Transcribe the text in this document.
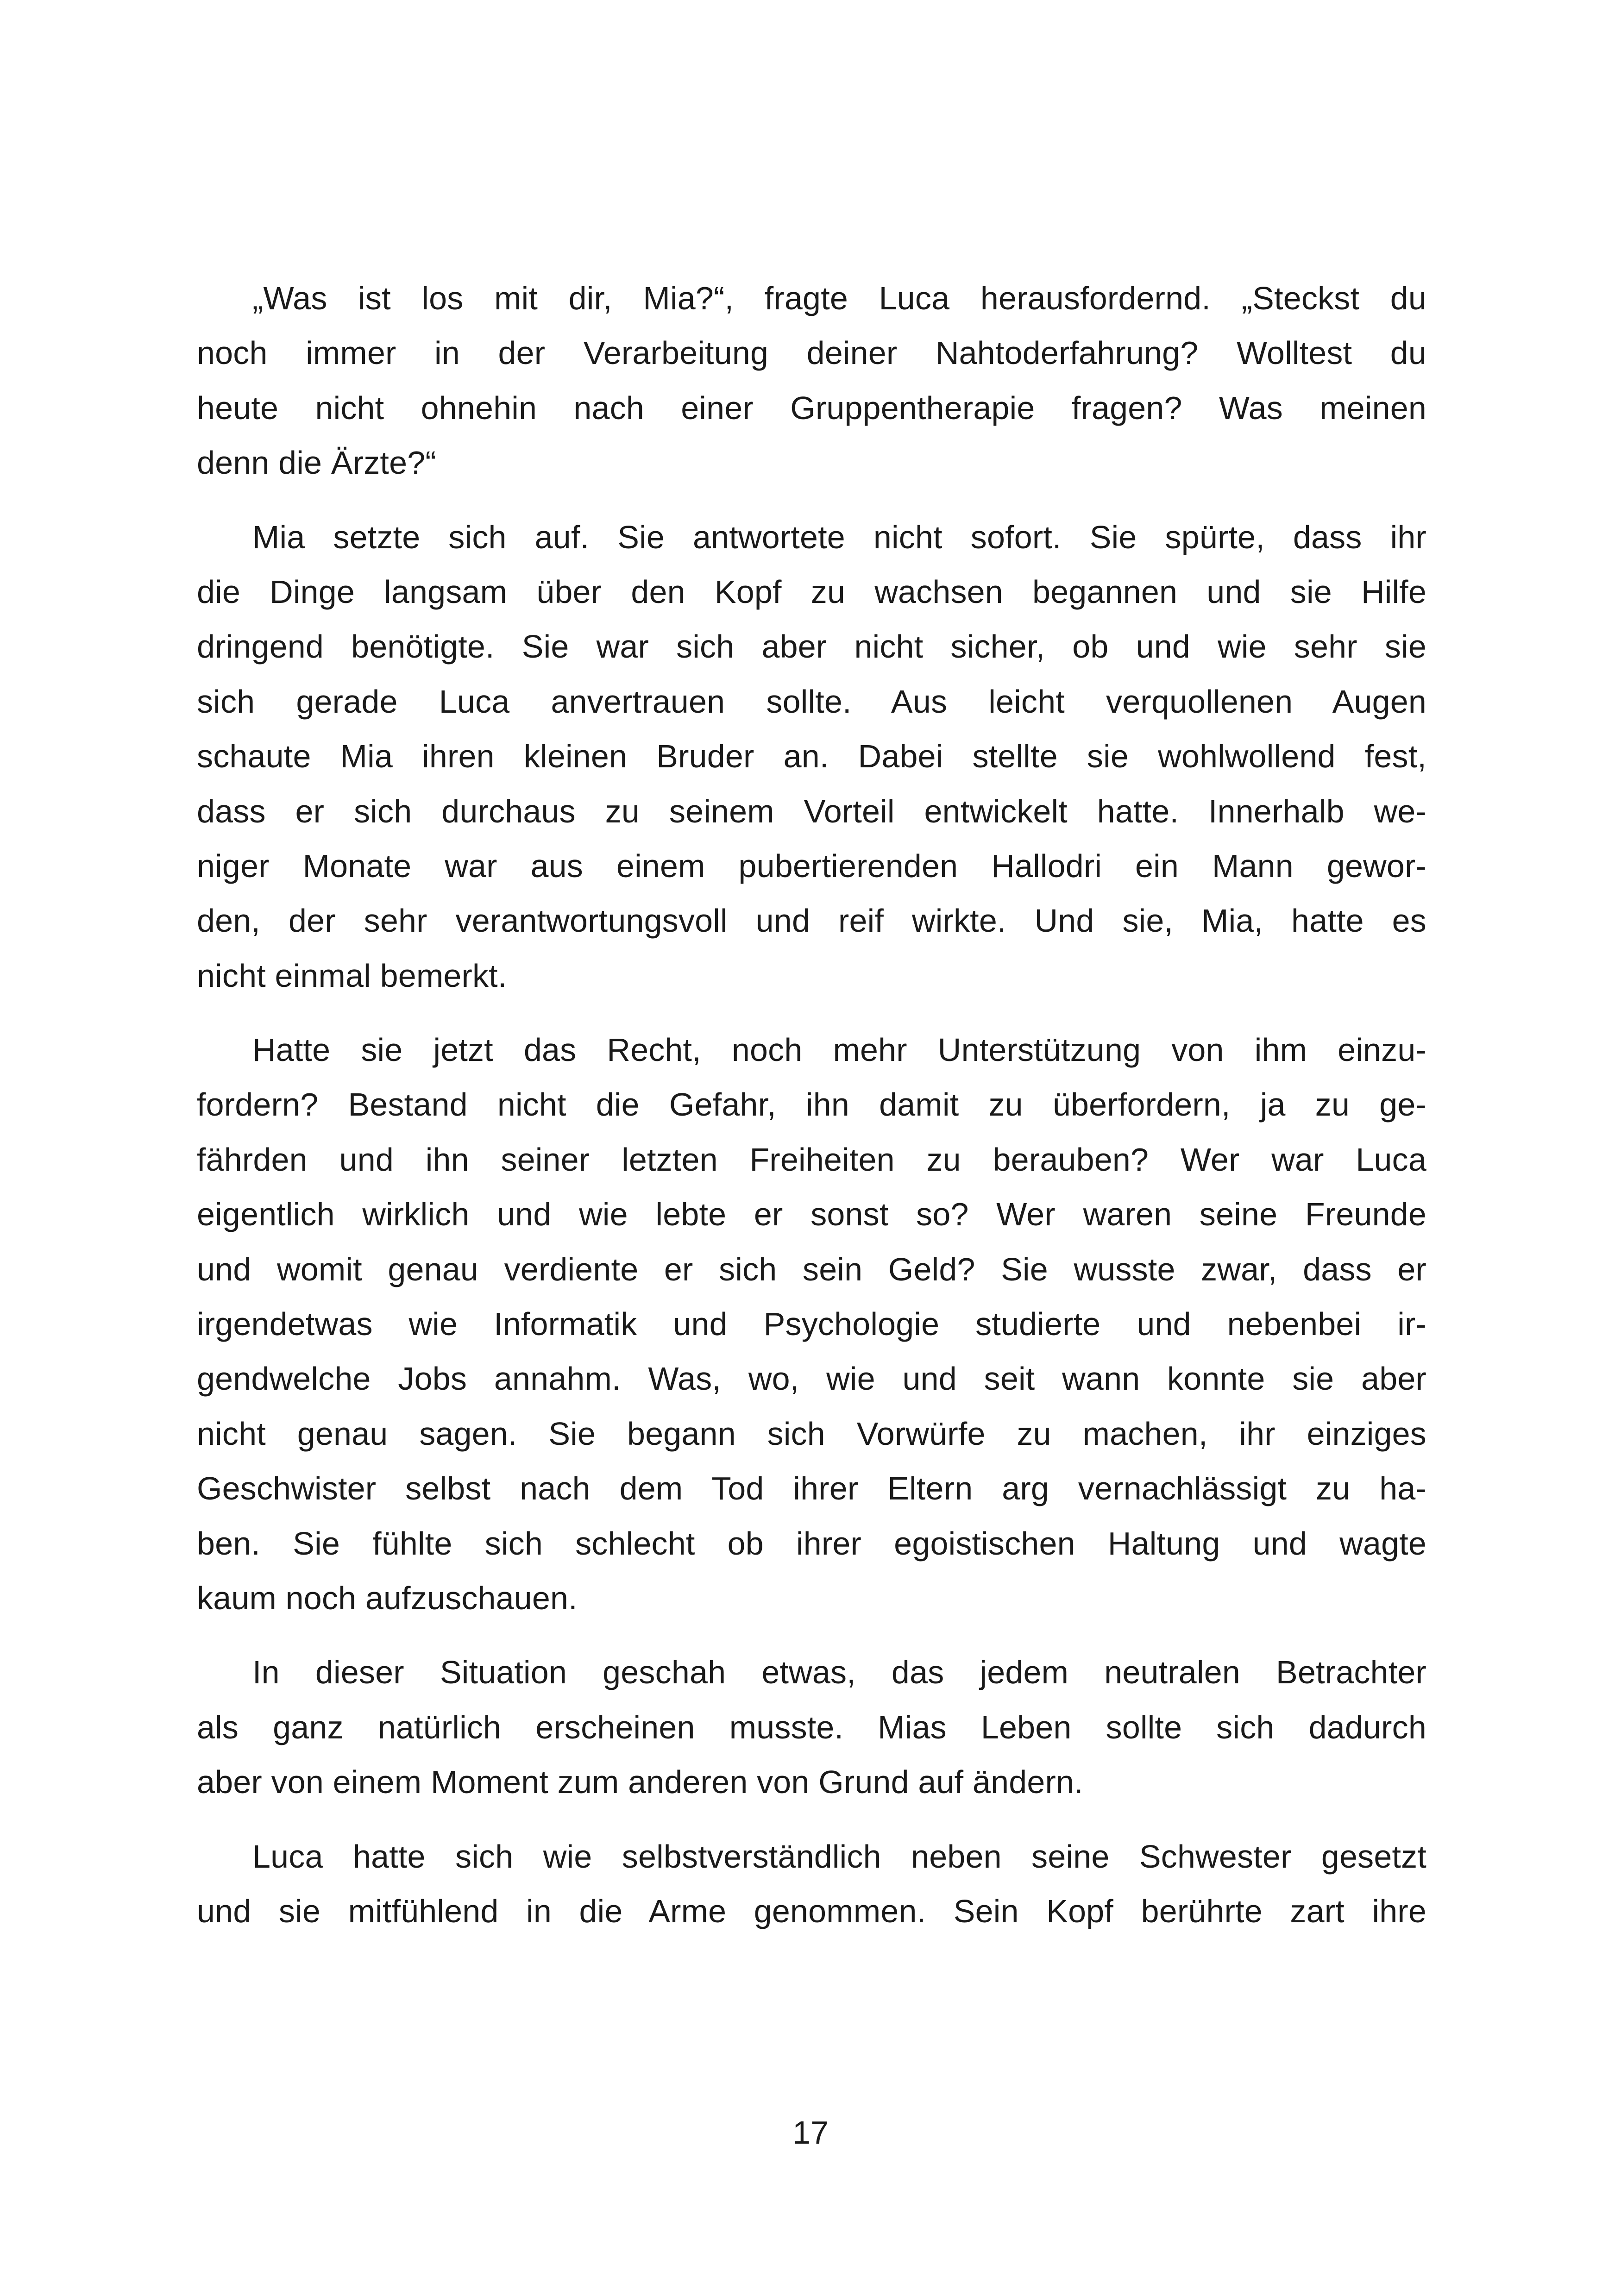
„Was ist los mit dir, Mia?“, fragte Luca herausfordernd. „Steckst du
noch immer in der Verarbeitung deiner Nahtoderfahrung? Wolltest du
heute nicht ohnehin nach einer Gruppentherapie fragen? Was meinen
denn die Ärzte?“

Mia setzte sich auf. Sie antwortete nicht sofort. Sie spürte, dass ihr
die Dinge langsam über den Kopf zu wachsen begannen und sie Hilfe
dringend benötigte. Sie war sich aber nicht sicher, ob und wie sehr sie
sich gerade Luca anvertrauen sollte. Aus leicht verquollenen Augen
schaute Mia ihren kleinen Bruder an. Dabei stellte sie wohlwollend fest,
dass er sich durchaus zu seinem Vorteil entwickelt hatte. Innerhalb we-
niger Monate war aus einem pubertierenden Hallodri ein Mann gewor-
den, der sehr verantwortungsvoll und reif wirkte. Und sie, Mia, hatte es
nicht einmal bemerkt.

Hatte sie jetzt das Recht, noch mehr Unterstützung von ihm einzu-
fordern? Bestand nicht die Gefahr, ihn damit zu überfordern, ja zu ge-
fährden und ihn seiner letzten Freiheiten zu berauben? Wer war Luca
eigentlich wirklich und wie lebte er sonst so? Wer waren seine Freunde
und womit genau verdiente er sich sein Geld? Sie wusste zwar, dass er
irgendetwas wie Informatik und Psychologie studierte und nebenbei ir-
gendwelche Jobs annahm. Was, wo, wie und seit wann konnte sie aber
nicht genau sagen. Sie begann sich Vorwürfe zu machen, ihr einziges
Geschwister selbst nach dem Tod ihrer Eltern arg vernachlässigt zu ha-
ben. Sie fühlte sich schlecht ob ihrer egoistischen Haltung und wagte
kaum noch aufzuschauen.

In dieser Situation geschah etwas, das jedem neutralen Betrachter
als ganz natürlich erscheinen musste. Mias Leben sollte sich dadurch
aber von einem Moment zum anderen von Grund auf ändern.

Luca hatte sich wie selbstverständlich neben seine Schwester gesetzt
und sie mitfühlend in die Arme genommen. Sein Kopf berührte zart ihre

17
